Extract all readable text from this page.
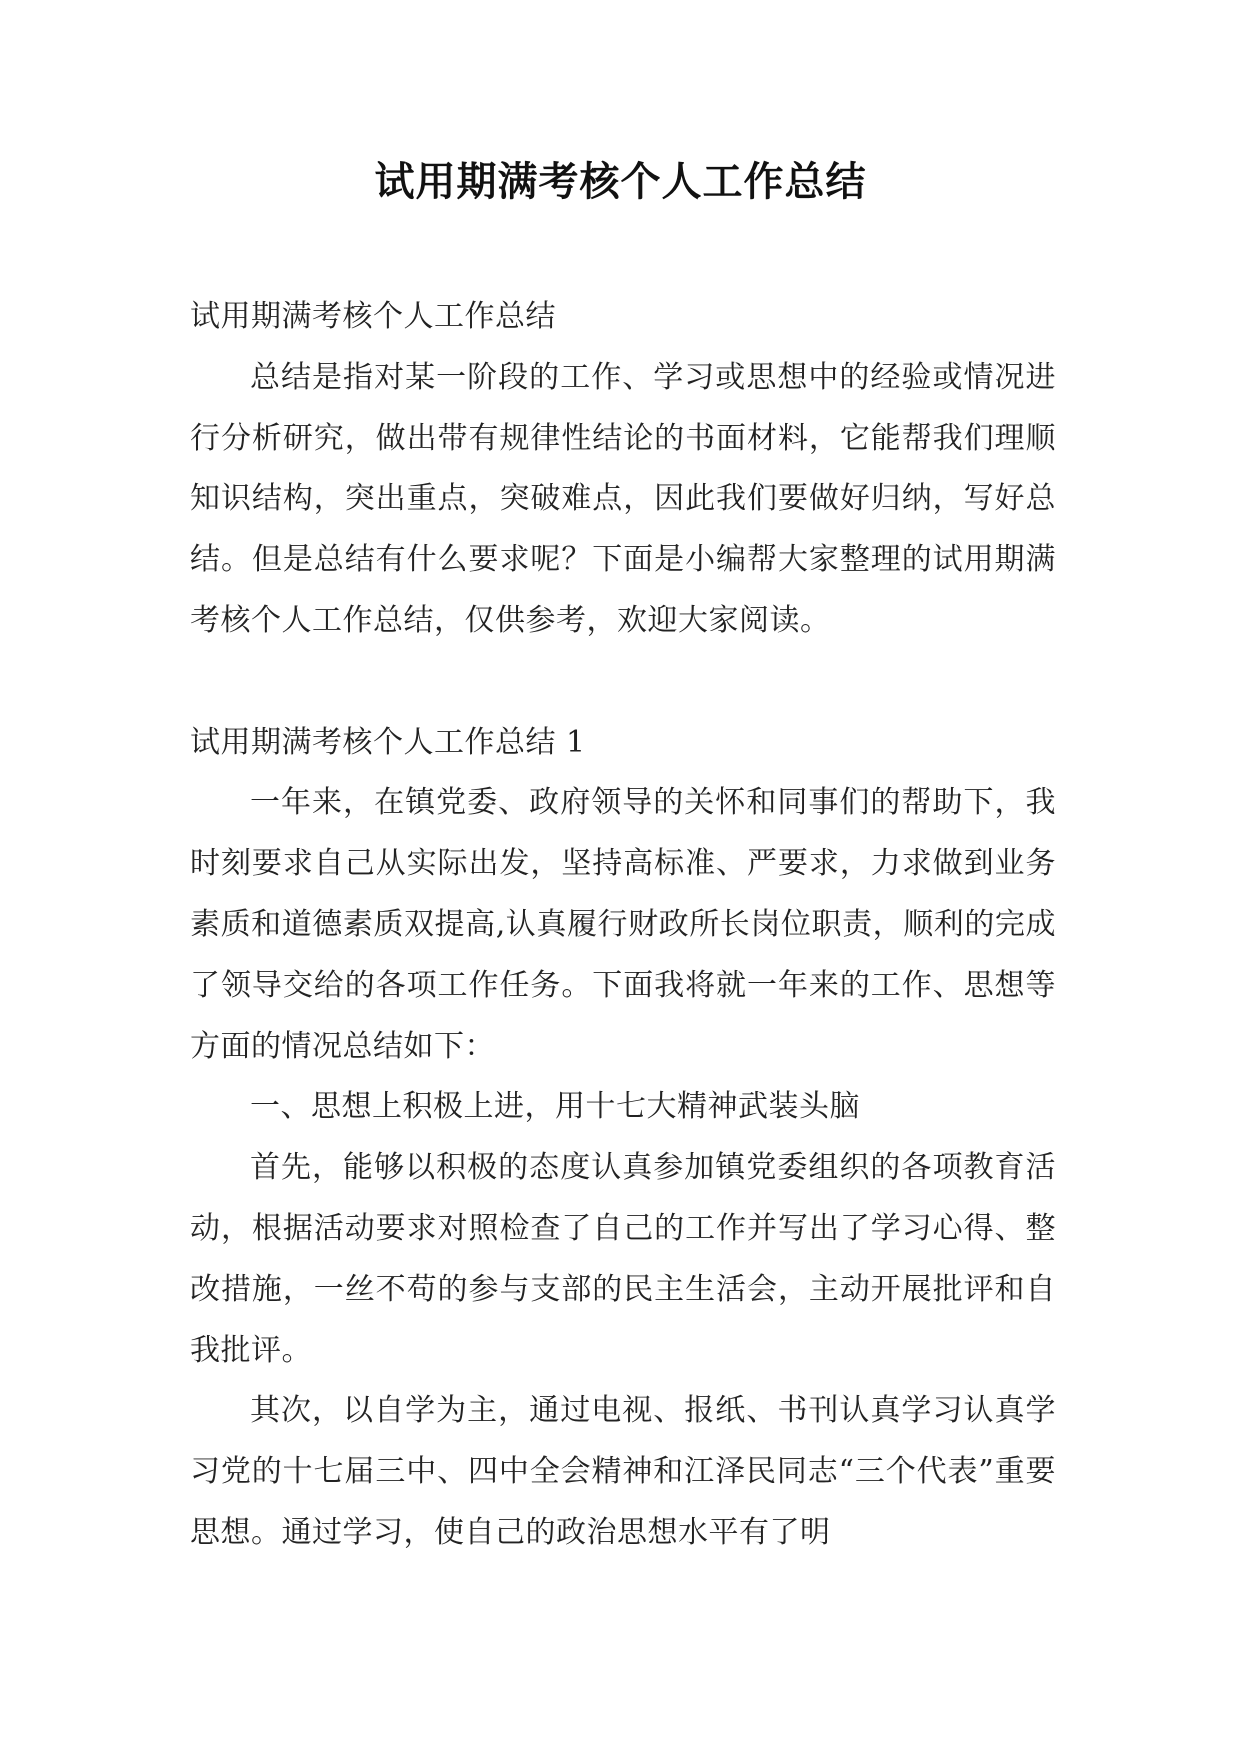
试用期满考核个人工作总结

试用期满考核个人工作总结

总结是指对某一阶段的工作、学习或思想中的经验或情况进行分析研究，做出带有规律性结论的书面材料，它能帮我们理顺知识结构，突出重点，突破难点，因此我们要做好归纳，写好总结。但是总结有什么要求呢？下面是小编帮大家整理的试用期满考核个人工作总结，仅供参考，欢迎大家阅读。

试用期满考核个人工作总结 1

一年来，在镇党委、政府领导的关怀和同事们的帮助下，我时刻要求自己从实际出发，坚持高标准、严要求，力求做到业务素质和道德素质双提高,认真履行财政所长岗位职责，顺利的完成了领导交给的各项工作任务。下面我将就一年来的工作、思想等方面的情况总结如下：

一、思想上积极上进，用十七大精神武装头脑

首先，能够以积极的态度认真参加镇党委组织的各项教育活动，根据活动要求对照检查了自己的工作并写出了学习心得、整改措施，一丝不苟的参与支部的民主生活会，主动开展批评和自我批评。

其次，以自学为主，通过电视、报纸、书刊认真学习认真学习党的十七届三中、四中全会精神和江泽民同志“三个代表”重要思想。通过学习，使自己的政治思想水平有了明
